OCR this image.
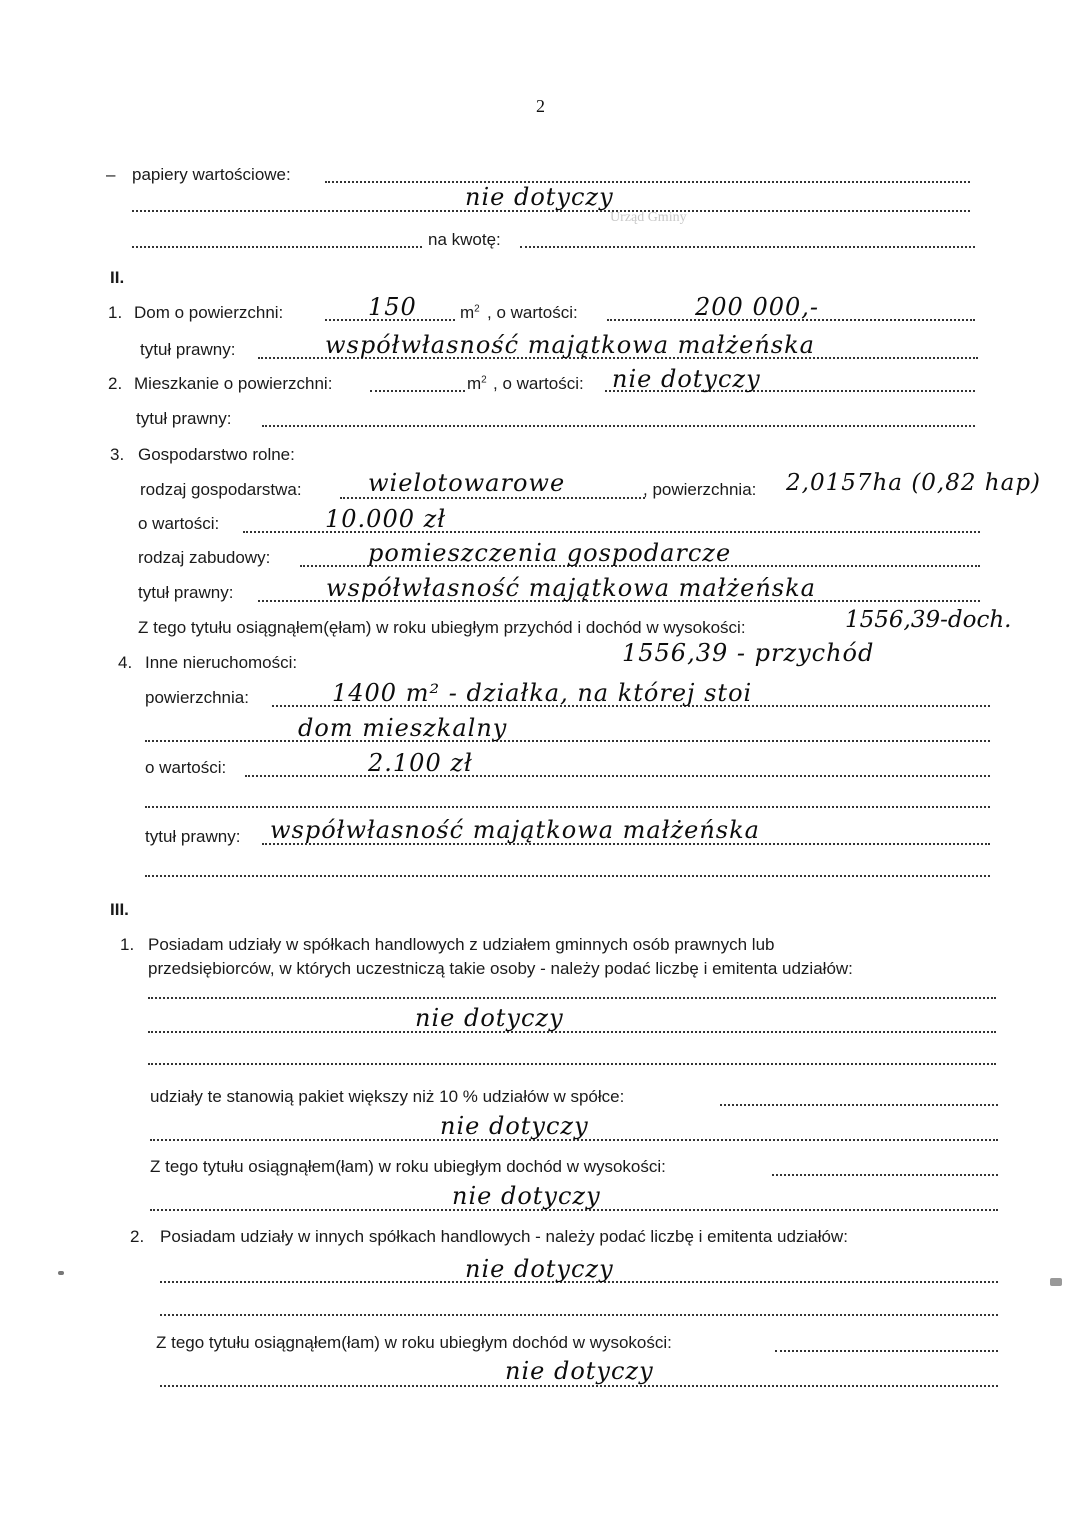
2
Urząd Gminy
– papiery wartościowe:
nie dotyczy
na kwotę:
II.
1. Dom o powierzchni:	150	$m^2$ , o wartości:	200 000,-
tytuł prawny:	współwłasność majątkowa małżeńska
2. Mieszkanie o powierzchni:	$m^2$ , o wartości: nie dotyczy
tytuł prawny:
3. Gospodarstwo rolne:
rodzaj gospodarstwa:	wielotowarowe	, powierzchnia: 2,0157ha (0,82 hap)
o wartości:	10.000 zł
rodzaj zabudowy:	pomieszczenia gospodarcze
tytuł prawny:	współwłasność majątkowa małżeńska
Z tego tytułu osiągnąłem(ęłam) w roku ubiegłym przychód i dochód w wysokości:	1556,39-doch.
1556,39 - przychód
4. Inne nieruchomości:
powierzchnia:	1400 m² - działka, na której stoi
dom mieszkalny
o wartości:	2.100 zł
tytuł prawny: współwłasność majątkowa małżeńska
III.
1. Posiadam udziały w spółkach handlowych z udziałem gminnych osób prawnych lub
przedsiębiorców, w których uczestniczą takie osoby - należy podać liczbę i emitenta udziałów:
nie dotyczy
udziały te stanowią pakiet większy niż 10 % udziałów w spółce:
nie dotyczy
Z tego tytułu osiągnąłem(łam) w roku ubiegłym dochód w wysokości:
nie dotyczy
2. Posiadam udziały w innych spółkach handlowych - należy podać liczbę i emitenta udziałów:
nie dotyczy
Z tego tytułu osiągnąłem(łam) w roku ubiegłym dochód w wysokości:
nie dotyczy
